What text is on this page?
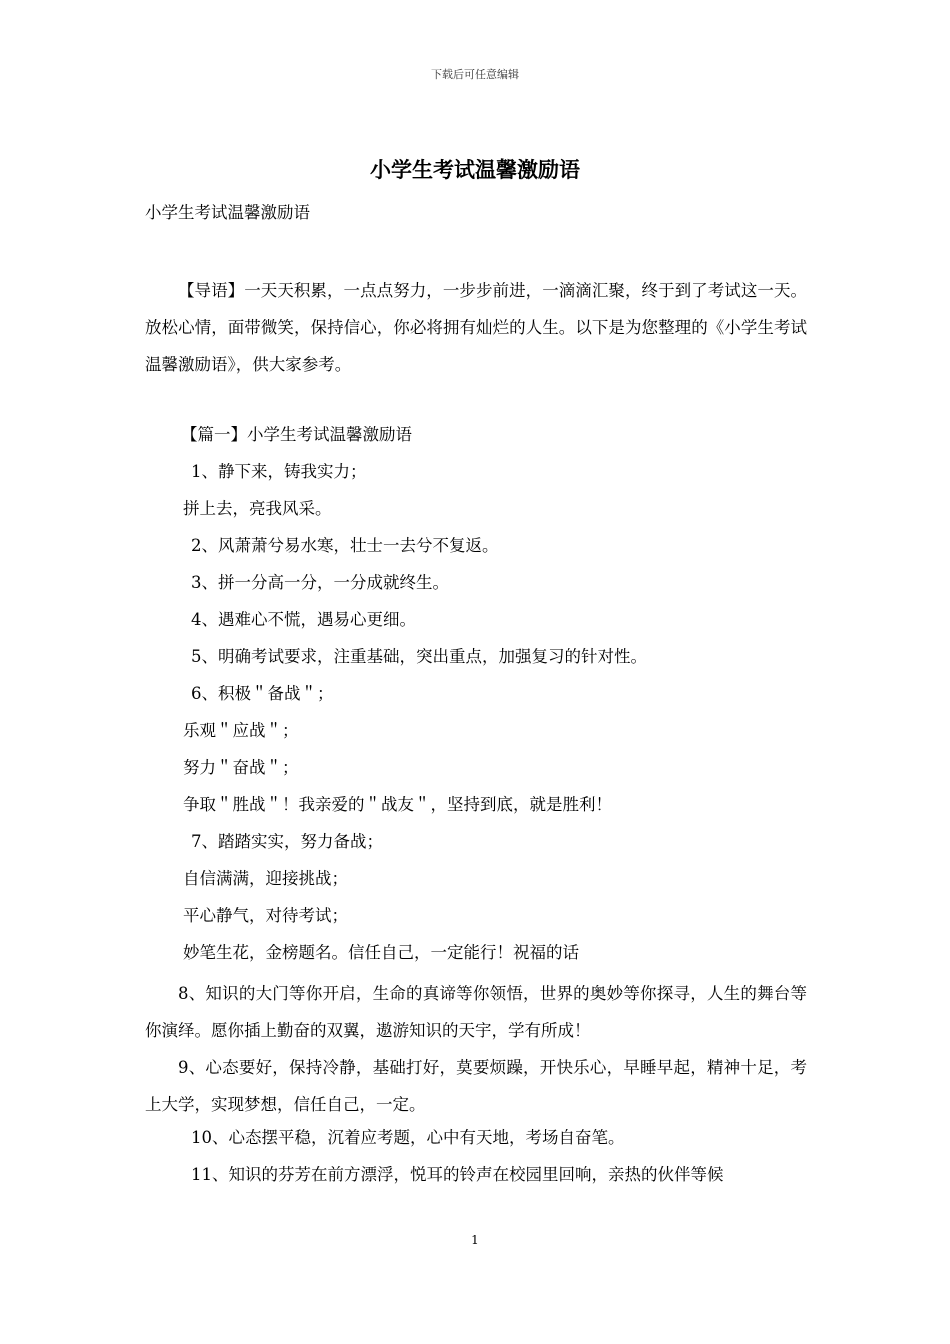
下载后可任意编辑
小学生考试温馨激励语
小学生考试温馨激励语
【导语】一天天积累，一点点努力，一步步前进，一滴滴汇聚，终于到了考试这一天。放松心情，面带微笑，保持信心，你必将拥有灿烂的人生。以下是为您整理的《小学生考试温馨激励语》，供大家参考。
【篇一】小学生考试温馨激励语
1、静下来，铸我实力；
拼上去，亮我风采。
2、风萧萧兮易水寒，壮士一去兮不复返。
3、拼一分高一分，一分成就终生。
4、遇难心不慌，遇易心更细。
5、明确考试要求，注重基础，突出重点，加强复习的针对性。
6、积极＂备战＂；
乐观＂应战＂；
努力＂奋战＂；
争取＂胜战＂！我亲爱的＂战友＂，坚持到底，就是胜利！
7、踏踏实实，努力备战；
自信满满，迎接挑战；
平心静气，对待考试；
妙笔生花，金榜题名。信任自己，一定能行！祝福的话
8、知识的大门等你开启，生命的真谛等你领悟，世界的奥妙等你探寻，人生的舞台等你演绎。愿你插上勤奋的双翼，遨游知识的天宇，学有所成！
9、心态要好，保持冷静，基础打好，莫要烦躁，开快乐心，早睡早起，精神十足，考上大学，实现梦想，信任自己，一定。
10、心态摆平稳，沉着应考题，心中有天地，考场自奋笔。
11、知识的芬芳在前方漂浮，悦耳的铃声在校园里回响，亲热的伙伴等候
1
